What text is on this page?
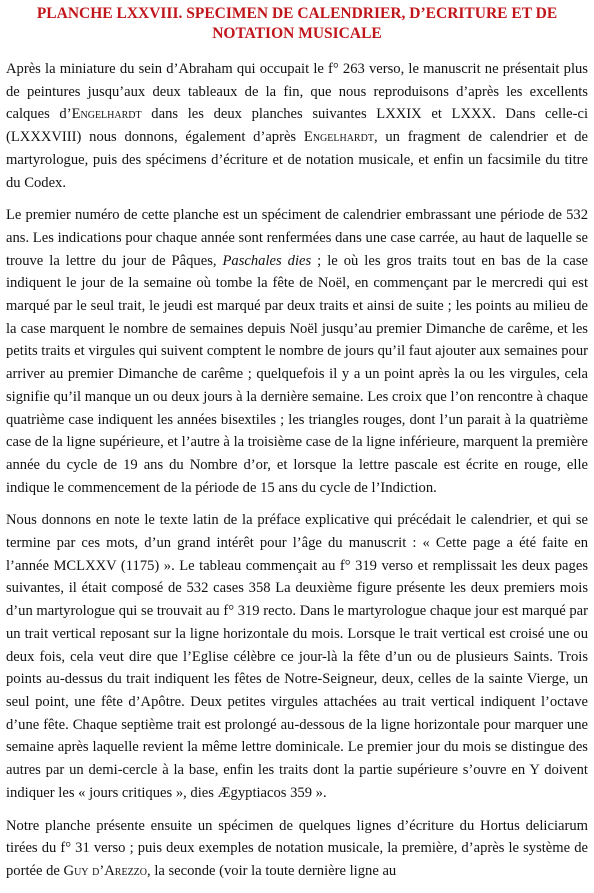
PLANCHE LXXVIII. SPECIMEN DE CALENDRIER, D’ECRITURE ET DE NOTATION MUSICALE

Après la miniature du sein d’Abraham qui occupait le f° 263 verso, le manuscrit ne présentait plus de peintures jusqu’aux deux tableaux de la fin, que nous reproduisons d’après les excellents calques d’Engelhardt dans les deux planches suivantes LXXIX et LXXX. Dans celle-ci (LXXXVIII) nous donnons, également d’après Engelhardt, un fragment de calendrier et de martyrologue, puis des spécimens d’écriture et de notation musicale, et enfin un facsimile du titre du Codex.

Le premier numéro de cette planche est un spéciment de calendrier embrassant une période de 532 ans. Les indications pour chaque année sont renfermées dans une case carrée, au haut de laquelle se trouve la lettre du jour de Pâques, Paschales dies ; le où les gros traits tout en bas de la case indiquent le jour de la semaine où tombe la fête de Noël, en commençant par le mercredi qui est marqué par le seul trait, le jeudi est marqué par deux traits et ainsi de suite ; les points au milieu de la case marquent le nombre de semaines depuis Noël jusqu’au premier Dimanche de carême, et les petits traits et virgules qui suivent comptent le nombre de jours qu’il faut ajouter aux semaines pour arriver au premier Dimanche de carême ; quelquefois il y a un point après la ou les virgules, cela signifie qu’il manque un ou deux jours à la dernière semaine. Les croix que l’on rencontre à chaque quatrième case indiquent les années bisextiles ; les triangles rouges, dont l’un parait à la quatrième case de la ligne supérieure, et l’autre à la troisième case de la ligne inférieure, marquent la première année du cycle de 19 ans du Nombre d’or, et lorsque la lettre pascale est écrite en rouge, elle indique le commencement de la période de 15 ans du cycle de l’Indiction.

Nous donnons en note le texte latin de la préface explicative qui précédait le calendrier, et qui se termine par ces mots, d’un grand intérêt pour l’âge du manuscrit : « Cette page a été faite en l’année MCLXXV (1175) ». Le tableau commençait au f° 319 verso et remplissait les deux pages suivantes, il était composé de 532 cases 358 La deuxième figure présente les deux premiers mois d’un martyrologue qui se trouvait au f° 319 recto. Dans le martyrologue chaque jour est marqué par un trait vertical reposant sur la ligne horizontale du mois. Lorsque le trait vertical est croisé une ou deux fois, cela veut dire que l’Eglise célèbre ce jour-là la fête d’un ou de plusieurs Saints. Trois points au-dessus du trait indiquent les fêtes de Notre-Seigneur, deux, celles de la sainte Vierge, un seul point, une fête d’Apôtre. Deux petites virgules attachées au trait vertical indiquent l’octave d’une fête. Chaque septième trait est prolongé au-dessous de la ligne horizontale pour marquer une semaine après laquelle revient la même lettre dominicale. Le premier jour du mois se distingue des autres par un demi-cercle à la base, enfin les traits dont la partie supérieure s’ouvre en Y doivent indiquer les « jours critiques », dies Ægyptiacos 359 ».

Notre planche présente ensuite un spécimen de quelques lignes d’écriture du Hortus deliciarum tirées du f° 31 verso ; puis deux exemples de notation musicale, la première, d’après le système de portée de Guy d’Arezzo, la seconde (voir la toute dernière ligne au
